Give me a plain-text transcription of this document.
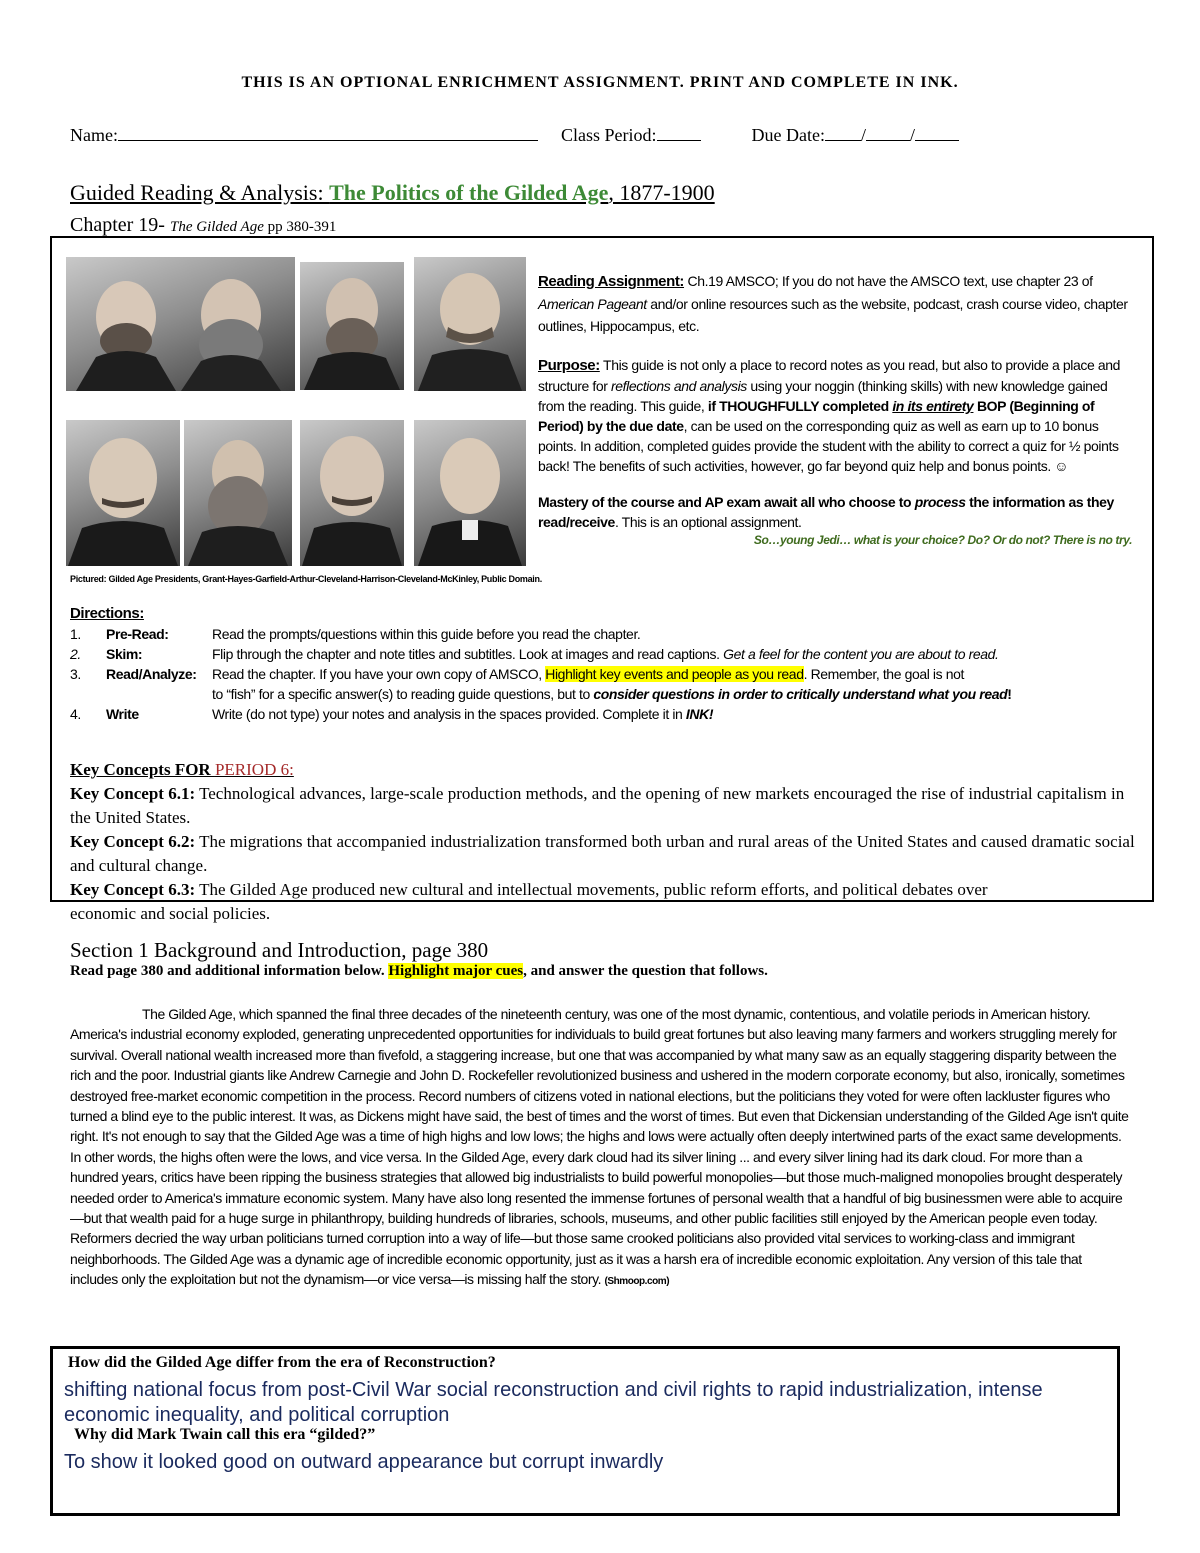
THIS IS AN OPTIONAL ENRICHMENT ASSIGNMENT. PRINT AND COMPLETE IN INK.
Name:	Class Period:	Due Date: / /
Guided Reading & Analysis: The Politics of the Gilded Age, 1877-1900
Chapter 19- The Gilded Age pp 380-391
Pictured: Gilded Age Presidents, Grant-Hayes-Garfield-Arthur-Cleveland-Harrison-Cleveland-McKinley, Public Domain.

Reading Assignment: Ch.19 AMSCO; If you do not have the AMSCO text, use chapter 23 of American Pageant and/or online resources such as the website, podcast, crash course video, chapter outlines, Hippocampus, etc.

Purpose: This guide is not only a place to record notes as you read, but also to provide a place and structure for reflections and analysis using your noggin (thinking skills) with new knowledge gained from the reading. This guide, if THOUGHFULLY completed in its entirety BOP (Beginning of Period) by the due date, can be used on the corresponding quiz as well as earn up to 10 bonus points. In addition, completed guides provide the student with the ability to correct a quiz for ½ points back! The benefits of such activities, however, go far beyond quiz help and bonus points. ☺

Mastery of the course and AP exam await all who choose to process the information as they read/receive. This is an optional assignment.

So…young Jedi… what is your choice? Do? Or do not? There is no try.

Directions:
1. Pre-Read:	Read the prompts/questions within this guide before you read the chapter.
2. Skim:	Flip through the chapter and note titles and subtitles. Look at images and read captions. Get a feel for the content you are about to read.
3. Read/Analyze: Read the chapter. If you have your own copy of AMSCO, Highlight key events and people as you read. Remember, the goal is not
to “fish” for a specific answer(s) to reading guide questions, but to consider questions in order to critically understand what you read!
4. Write	Write (do not type) your notes and analysis in the spaces provided. Complete it in INK!

Key Concepts FOR PERIOD 6:

Key Concept 6.1: Technological advances, large-scale production methods, and the opening of new markets encouraged the rise of industrial capitalism in the United States.

Key Concept 6.2: The migrations that accompanied industrialization transformed both urban and rural areas of the United States and caused dramatic social and cultural change.

Key Concept 6.3: The Gilded Age produced new cultural and intellectual movements, public reform efforts, and political debates over economic and social policies.

Section 1 Background and Introduction, page 380
Read page 380 and additional information below. Highlight major cues, and answer the question that follows.

The Gilded Age, which spanned the final three decades of the nineteenth century, was one of the most dynamic, contentious, and volatile periods in American history. America's industrial economy exploded, generating unprecedented opportunities for individuals to build great fortunes but also leaving many farmers and workers struggling merely for survival. Overall national wealth increased more than fivefold, a staggering increase, but one that was accompanied by what many saw as an equally staggering disparity between the rich and the poor. Industrial giants like Andrew Carnegie and John D. Rockefeller revolutionized business and ushered in the modern corporate economy, but also, ironically, sometimes destroyed free-market economic competition in the process. Record numbers of citizens voted in national elections, but the politicians they voted for were often lackluster figures who turned a blind eye to the public interest. It was, as Dickens might have said, the best of times and the worst of times. But even that Dickensian understanding of the Gilded Age isn't quite right. It's not enough to say that the Gilded Age was a time of high highs and low lows; the highs and lows were actually often deeply intertwined parts of the exact same developments. In other words, the highs often were the lows, and vice versa. In the Gilded Age, every dark cloud had its silver lining ... and every silver lining had its dark cloud. For more than a hundred years, critics have been ripping the business strategies that allowed big industrialists to build powerful monopolies—but those much-maligned monopolies brought desperately needed order to America's immature economic system. Many have also long resented the immense fortunes of personal wealth that a handful of big businessmen were able to acquire—but that wealth paid for a huge surge in philanthropy, building hundreds of libraries, schools, museums, and other public facilities still enjoyed by the American people even today. Reformers decried the way urban politicians turned corruption into a way of life—but those same crooked politicians also provided vital services to working-class and immigrant neighborhoods. The Gilded Age was a dynamic age of incredible economic opportunity, just as it was a harsh era of incredible economic exploitation. Any version of this tale that includes only the exploitation but not the dynamism—or vice versa—is missing half the story. (Shmoop.com)

How did the Gilded Age differ from the era of Reconstruction?
shifting national focus from post-Civil War social reconstruction and civil rights to rapid industrialization, intense economic inequality, and political corruption
Why did Mark Twain call this era “gilded?”
To show it looked good on outward appearance but corrupt inwardly
